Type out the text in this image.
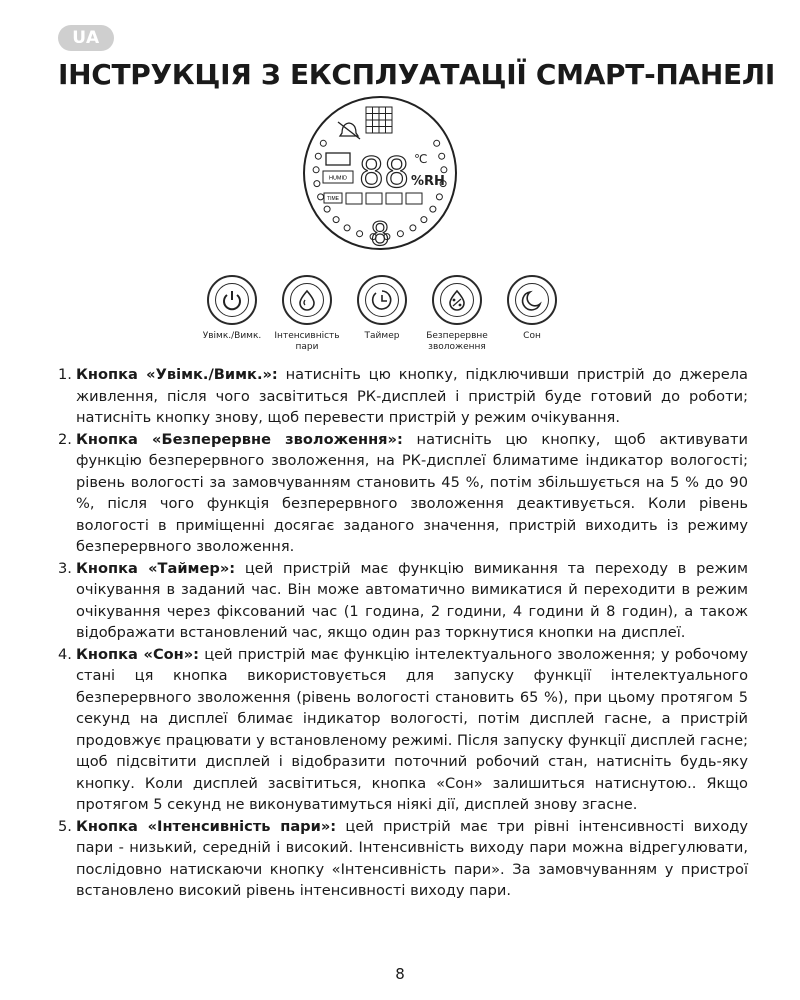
UA
ІНСТРУКЦІЯ З ЕКСПЛУАТАЦІЇ СМАРТ-ПАНЕЛІ
HUMID 88 ℃
%RH
TIME
8
Увімк./Вимк.	Інтенсивність пари
Таймер	Безперервне зволоження
Сон
1. Кнопка «Увімк./Вимк.»: натисніть цю кнопку, підключивши пристрій до джерела живлення, після чого засвітиться РК-дисплей і пристрій буде готовий до роботи; натисніть кнопку знову, щоб перевести пристрій у режим очікування.
2. Кнопка «Безперервне зволоження»: натисніть цю кнопку, щоб активувати функцію безперервного зволоження, на РК-дисплеї блиматиме індикатор вологості; рівень вологості за замовчуванням становить 45 %, потім збільшується на 5 % до 90 %, після чого функція безперервного зволоження деактивується. Коли рівень вологості в приміщенні досягає заданого значення, пристрій виходить із режиму безперервного зволоження.
3. Кнопка «Таймер»: цей пристрій має функцію вимикання та переходу в режим очікування в заданий час. Він може автоматично вимикатися й переходити в режим очікування через фіксований час (1 година, 2 години, 4 години й 8 годин), а також відображати встановлений час, якщо один раз торкнутися кнопки на дисплеї.
4. Кнопка «Сон»: цей пристрій має функцію інтелектуального зволоження; у робочому стані ця кнопка використовується для запуску функції інтелектуального безперервного зволоження (рівень вологості становить 65 %), при цьому протягом 5 секунд на дисплеї блимає індикатор вологості, потім дисплей гасне, а пристрій продовжує працювати у встановленому режимі. Після запуску функції дисплей гасне; щоб підсвітити дисплей і відобразити поточний робочий стан, натисніть будь-яку кнопку. Коли дисплей засвітиться, кнопка «Сон» залишиться натиснутою.. Якщо протягом 5 секунд не виконуватимуться ніякі дії, дисплей знову згасне.
5. Кнопка «Інтенсивність пари»: цей пристрій має три рівні інтенсивності виходу пари - низький, середній і високий. Інтенсивність виходу пари можна відрегулювати, послідовно натискаючи кнопку «Інтенсивність пари». За замовчуванням у пристрої встановлено високий рівень інтенсивності виходу пари.
8
